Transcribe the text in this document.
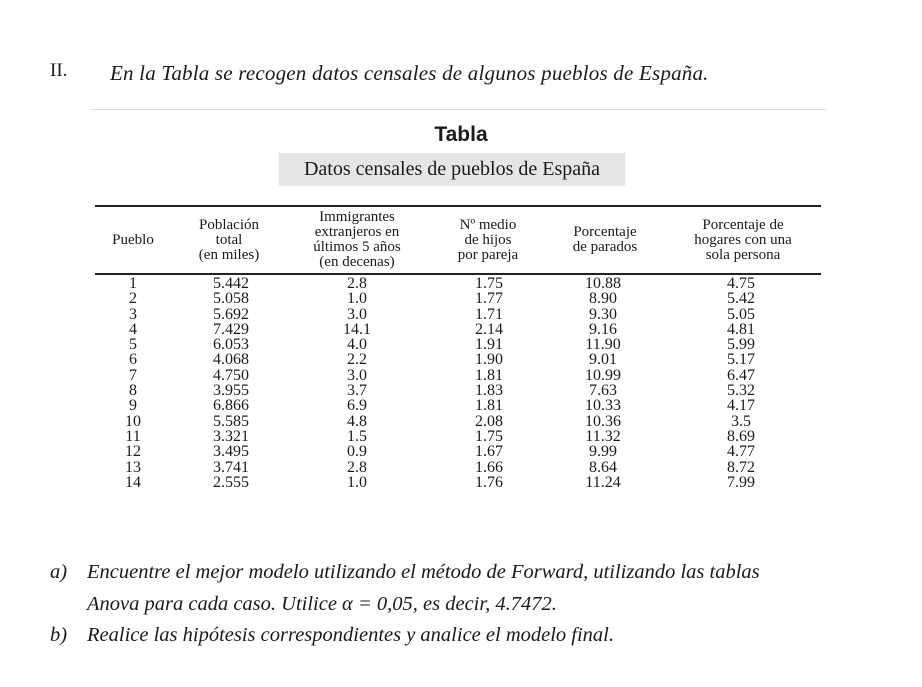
II. En la Tabla se recogen datos censales de algunos pueblos de España.
Tabla
Datos censales de pueblos de España
Pueblo
Población
total
(en miles)
Immigrantes
extranjeros en
últimos 5 años
(en decenas)
Nº medio
de hijos
por pareja
Porcentaje
de parados
Porcentaje de
hogares con una
sola persona
1
2
3
4
5
6
7
8
9
10
11
12
13
14
5.442
5.058
5.692
7.429
6.053
4.068
4.750
3.955
6.866
5.585
3.321
3.495
3.741
2.555
2.8
1.0
3.0
14.1
4.0
2.2
3.0
3.7
6.9
4.8
1.5
0.9
2.8
1.0
1.75
1.77
1.71
2.14
1.91
1.90
1.81
1.83
1.81
2.08
1.75
1.67
1.66
1.76
10.88
8.90
9.30
9.16
11.90
9.01
10.99
7.63
10.33
10.36
11.32
9.99
8.64
11.24
4.75
5.42
5.05
4.81
5.99
5.17
6.47
5.32
4.17
3.5
8.69
4.77
8.72
7.99
a) Encuentre el mejor modelo utilizando el método de Forward, utilizando las tablas
Anova para cada caso. Utilice α = 0,05, es decir, 4.7472.
b) Realice las hipótesis correspondientes y analice el modelo final.
